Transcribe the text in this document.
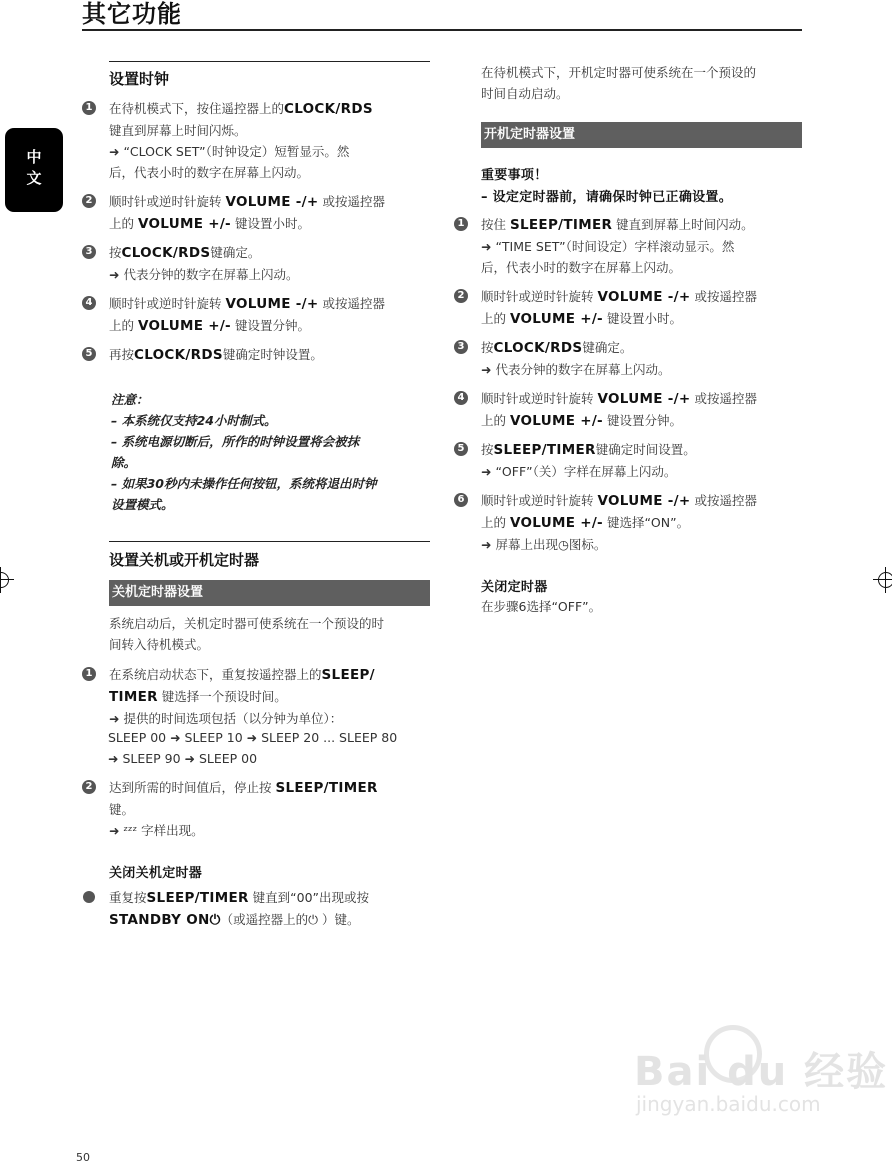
其它功能
中文
设置时钟
1 在待机模式下，按住遥控器上的CLOCK/RDS
键直到屏幕上时间闪烁。
➜ “CLOCK SET”（时钟设定）短暂显示。然
后，代表小时的数字在屏幕上闪动。
2 顺时针或逆时针旋转 VOLUME -/+ 或按遥控器
上的 VOLUME +/- 键设置小时。
3 按CLOCK/RDS键确定。
➜ 代表分钟的数字在屏幕上闪动。
4 顺时针或逆时针旋转 VOLUME -/+ 或按遥控器
上的 VOLUME +/- 键设置分钟。
5 再按CLOCK/RDS键确定时钟设置。
注意：
– 本系统仅支持24小时制式。
– 系统电源切断后，所作的时钟设置将会被抹
除。
– 如果30秒内未操作任何按钮，系统将退出时钟
设置模式。
设置关机或开机定时器
关机定时器设置
系统启动后，关机定时器可使系统在一个预设的时
间转入待机模式。
1 在系统启动状态下，重复按遥控器上的SLEEP/
TIMER 键选择一个预设时间。
➜ 提供的时间选项包括（以分钟为单位）：
SLEEP 00 ➜ SLEEP 10 ➜ SLEEP 20 ... SLEEP 80
➜ SLEEP 90 ➜ SLEEP 00
2 达到所需的时间值后，停止按 SLEEP/TIMER
键。
➜ ᶻᶻᶻ 字样出现。
关闭关机定时器
重复按SLEEP/TIMER 键直到“00”出现或按
STANDBY ON⏻（或遥控器上的⏻ ）键。
在待机模式下，开机定时器可使系统在一个预设的
时间自动启动。
开机定时器设置
重要事项！
– 设定定时器前，请确保时钟已正确设置。
1 按住 SLEEP/TIMER 键直到屏幕上时间闪动。
➜ “TIME SET”（时间设定）字样滚动显示。然
后，代表小时的数字在屏幕上闪动。
2 顺时针或逆时针旋转 VOLUME -/+ 或按遥控器
上的 VOLUME +/- 键设置小时。
3 按CLOCK/RDS键确定。
➜ 代表分钟的数字在屏幕上闪动。
4 顺时针或逆时针旋转 VOLUME -/+ 或按遥控器
上的 VOLUME +/- 键设置分钟。
5 按SLEEP/TIMER键确定时间设置。
➜ “OFF”（关）字样在屏幕上闪动。
6 顺时针或逆时针旋转 VOLUME -/+ 或按遥控器
上的 VOLUME +/- 键选择“ON”。
➜ 屏幕上出现◷图标。
关闭定时器
在步骤6选择“OFF”。
Bai du 经验
jingyan.baidu.com
50
